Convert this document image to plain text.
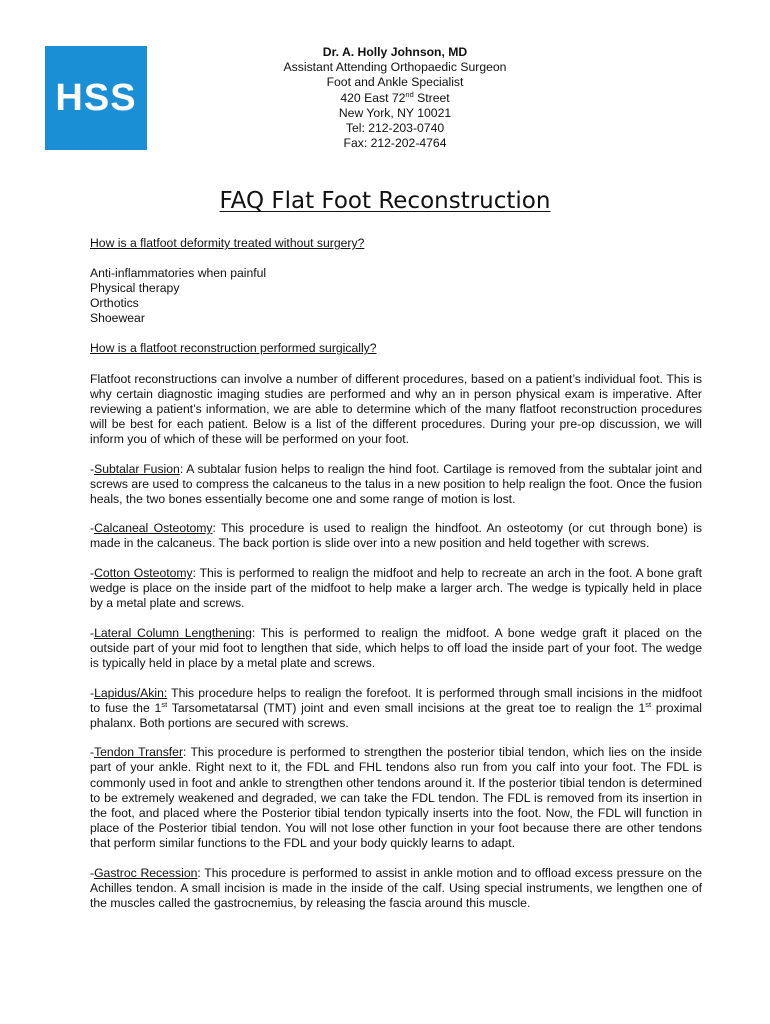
HSS
Dr. A. Holly Johnson, MD
Assistant Attending Orthopaedic Surgeon
Foot and Ankle Specialist
420 East 72nd Street
New York, NY 10021
Tel: 212-203-0740
Fax: 212-202-4764
FAQ Flat Foot Reconstruction
How is a flatfoot deformity treated without surgery?
Anti-inflammatories when painful
Physical therapy
Orthotics
Shoewear
How is a flatfoot reconstruction performed surgically?

Flatfoot reconstructions can involve a number of different procedures, based on a patient’s individual foot. This is why certain diagnostic imaging studies are performed and why an in person physical exam is imperative. After reviewing a patient’s information, we are able to determine which of the many flatfoot reconstruction procedures will be best for each patient. Below is a list of the different procedures. During your pre-op discussion, we will inform you of which of these will be performed on your foot.

-Subtalar Fusion: A subtalar fusion helps to realign the hind foot. Cartilage is removed from the subtalar joint and screws are used to compress the calcaneus to the talus in a new position to help realign the foot. Once the fusion heals, the two bones essentially become one and some range of motion is lost.

-Calcaneal Osteotomy: This procedure is used to realign the hindfoot. An osteotomy (or cut through bone) is made in the calcaneus. The back portion is slide over into a new position and held together with screws.

-Cotton Osteotomy: This is performed to realign the midfoot and help to recreate an arch in the foot. A bone graft wedge is place on the inside part of the midfoot to help make a larger arch. The wedge is typically held in place by a metal plate and screws.

-Lateral Column Lengthening: This is performed to realign the midfoot. A bone wedge graft it placed on the outside part of your mid foot to lengthen that side, which helps to off load the inside part of your foot. The wedge is typically held in place by a metal plate and screws.

-Lapidus/Akin: This procedure helps to realign the forefoot. It is performed through small incisions in the midfoot to fuse the 1st Tarsometatarsal (TMT) joint and even small incisions at the great toe to realign the 1st proximal phalanx. Both portions are secured with screws.

-Tendon Transfer: This procedure is performed to strengthen the posterior tibial tendon, which lies on the inside part of your ankle. Right next to it, the FDL and FHL tendons also run from you calf into your foot. The FDL is commonly used in foot and ankle to strengthen other tendons around it. If the posterior tibial tendon is determined to be extremely weakened and degraded, we can take the FDL tendon. The FDL is removed from its insertion in the foot, and placed where the Posterior tibial tendon typically inserts into the foot. Now, the FDL will function in place of the Posterior tibial tendon. You will not lose other function in your foot because there are other tendons that perform similar functions to the FDL and your body quickly learns to adapt.

-Gastroc Recession: This procedure is performed to assist in ankle motion and to offload excess pressure on the Achilles tendon. A small incision is made in the inside of the calf. Using special instruments, we lengthen one of the muscles called the gastrocnemius, by releasing the fascia around this muscle.
